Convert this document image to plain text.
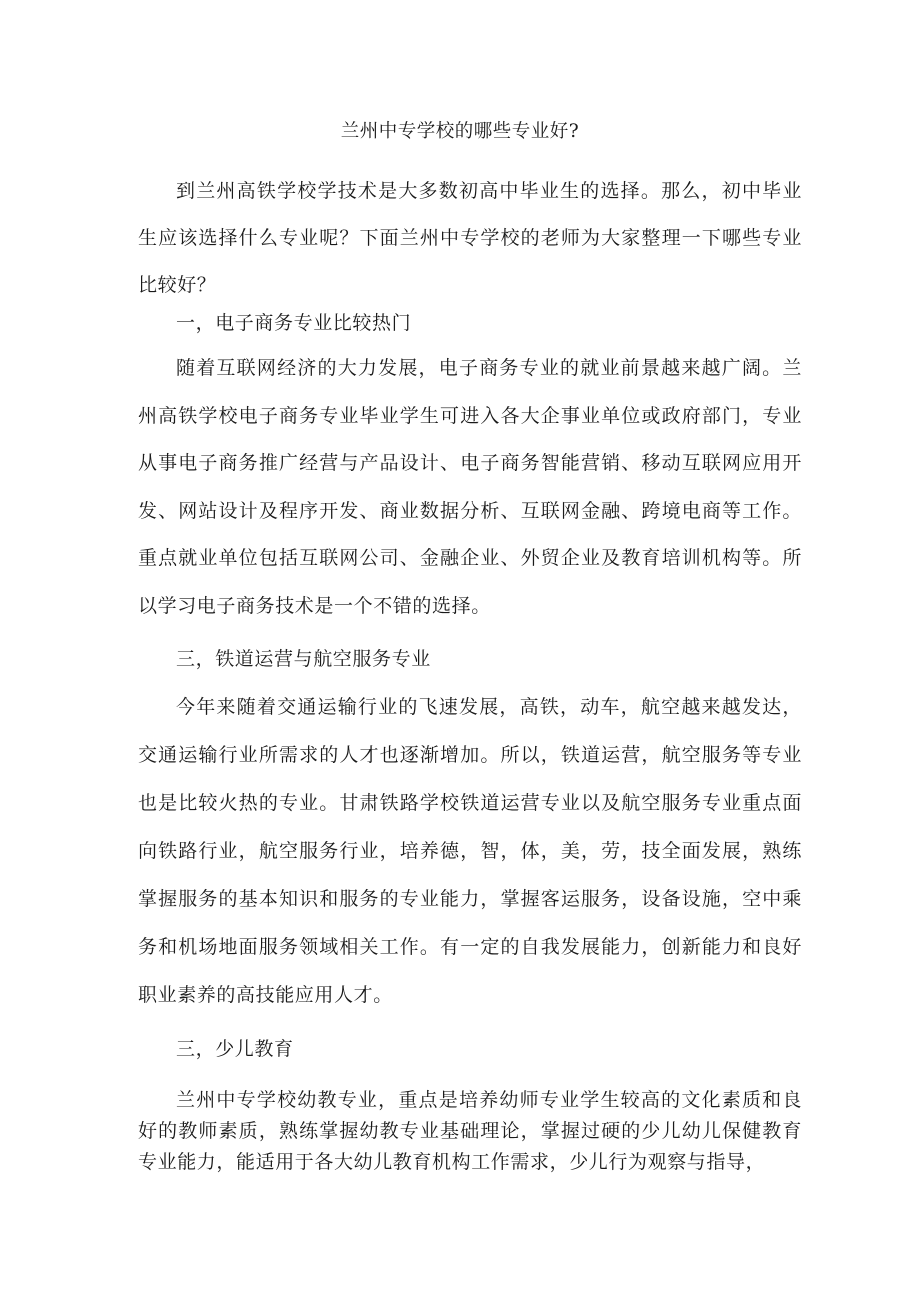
兰州中专学校的哪些专业好?

到兰州高铁学校学技术是大多数初高中毕业生的选择。那么，初中毕业生应该选择什么专业呢？下面兰州中专学校的老师为大家整理一下哪些专业比较好？

一，电子商务专业比较热门

随着互联网经济的大力发展，电子商务专业的就业前景越来越广阔。兰州高铁学校电子商务专业毕业学生可进入各大企事业单位或政府部门，专业从事电子商务推广经营与产品设计、电子商务智能营销、移动互联网应用开发、网站设计及程序开发、商业数据分析、互联网金融、跨境电商等工作。重点就业单位包括互联网公司、金融企业、外贸企业及教育培训机构等。所以学习电子商务技术是一个不错的选择。

三，铁道运营与航空服务专业

今年来随着交通运输行业的飞速发展，高铁，动车，航空越来越发达，交通运输行业所需求的人才也逐渐增加。所以，铁道运营，航空服务等专业也是比较火热的专业。甘肃铁路学校铁道运营专业以及航空服务专业重点面向铁路行业，航空服务行业，培养德，智，体，美，劳，技全面发展，熟练掌握服务的基本知识和服务的专业能力，掌握客运服务，设备设施，空中乘务和机场地面服务领域相关工作。有一定的自我发展能力，创新能力和良好职业素养的高技能应用人才。

三，少儿教育

兰州中专学校幼教专业，重点是培养幼师专业学生较高的文化素质和良好的教师素质，熟练掌握幼教专业基础理论，掌握过硬的少儿幼儿保健教育专业能力，能适用于各大幼儿教育机构工作需求，少儿行为观察与指导，
